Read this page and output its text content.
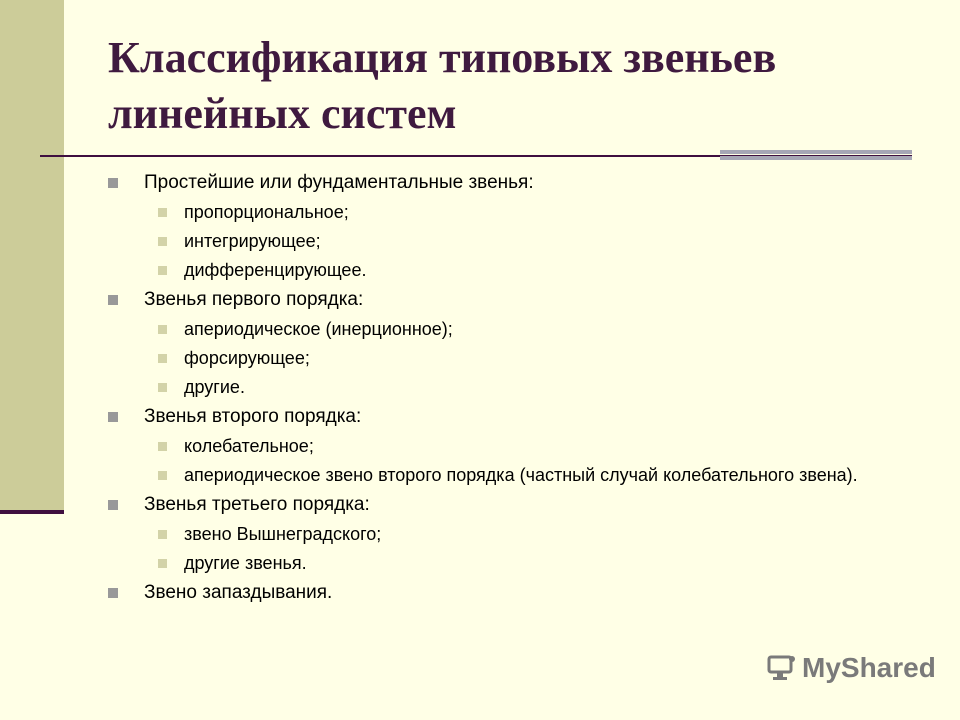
Классификация типовых звеньев линейных систем
Простейшие или фундаментальные звенья:
пропорциональное;
интегрирующее;
дифференцирующее.
Звенья первого порядка:
апериодическое (инерционное);
форсирующее;
другие.
Звенья второго порядка:
колебательное;
апериодическое звено второго порядка (частный случай колебательного звена).
Звенья третьего порядка:
звено Вышнеградского;
другие звенья.
Звено запаздывания.
MyShared
